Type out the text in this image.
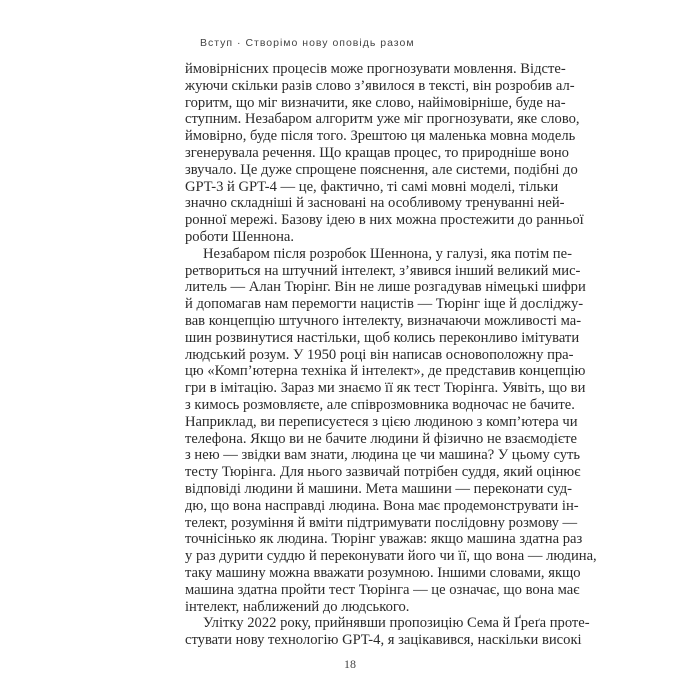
Вступ · Створімо нову оповідь разом
ймовірнісних процесів може прогнозувати мовлення. Відсте-
жуючи скільки разів слово з’явилося в тексті, він розробив ал-
горитм, що міг визначити, яке слово, найімовірніше, буде на-
ступним. Незабаром алгоритм уже міг прогнозувати, яке слово,
ймовірно, буде після того. Зрештою ця маленька мовна модель
згенерувала речення. Що кращав процес, то природніше воно
звучало. Це дуже спрощене пояснення, але системи, подібні до
GPT-3 й GPT-4 — це, фактично, ті самі мовні моделі, тільки
значно складніші й засновані на особливому тренуванні ней-
ронної мережі. Базову ідею в них можна простежити до ранньої
роботи Шеннона.
Незабаром після розробок Шеннона, у галузі, яка потім пе-
ретвориться на штучний інтелект, з’явився інший великий мис-
литель — Алан Тюрінг. Він не лише розгадував німецькі шифри
й допомагав нам перемогти нацистів — Тюрінг іще й досліджу-
вав концепцію штучного інтелекту, визначаючи можливості ма-
шин розвинутися настільки, щоб колись переконливо імітувати
людський розум. У 1950 році він написав основоположну пра-
цю «Комп’ютерна техніка й інтелект», де представив концепцію
гри в імітацію. Зараз ми знаємо її як тест Тюрінга. Уявіть, що ви
з кимось розмовляєте, але співрозмовника водночас не бачите.
Наприклад, ви переписуєтеся з цією людиною з комп’ютера чи
телефона. Якщо ви не бачите людини й фізично не взаємодієте
з нею — звідки вам знати, людина це чи машина? У цьому суть
тесту Тюрінга. Для нього зазвичай потрібен суддя, який оцінює
відповіді людини й машини. Мета машини — переконати суд-
дю, що вона насправді людина. Вона має продемонструвати ін-
телект, розуміння й вміти підтримувати послідовну розмову —
точнісінько як людина. Тюрінг уважав: якщо машина здатна раз
у раз дурити суддю й переконувати його чи її, що вона — людина,
таку машину можна вважати розумною. Іншими словами, якщо
машина здатна пройти тест Тюрінга — це означає, що вона має
інтелект, наближений до людського.
Улітку 2022 року, прийнявши пропозицію Сема й Ґреґа проте-
стувати нову технологію GPT-4, я зацікавився, наскільки високі
18
